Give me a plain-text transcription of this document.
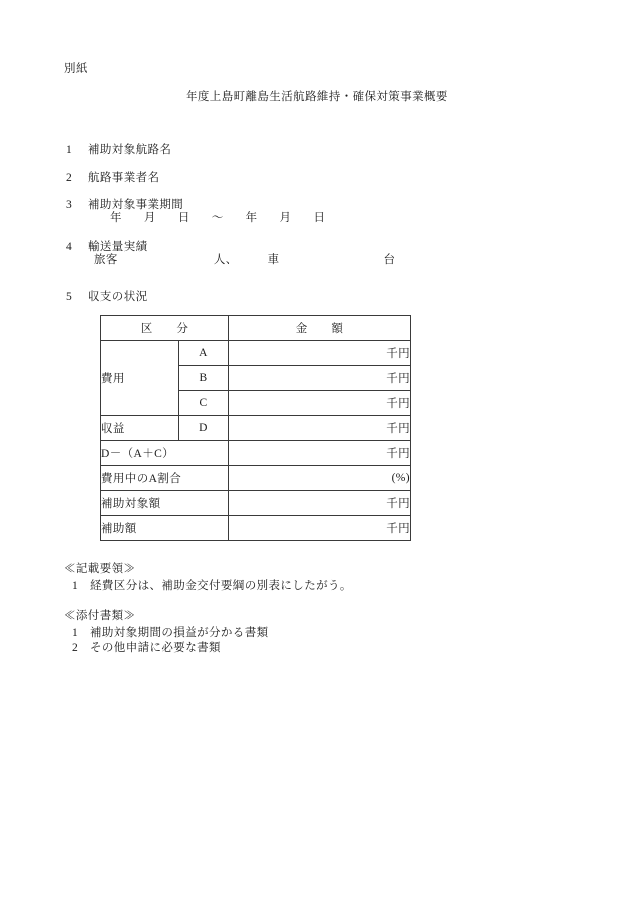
別紙
年度上島町離島生活航路維持・確保対策事業概要
1 補助対象航路名
2 航路事業者名
3 補助対象事業期間
年 月 日 ～ 年 月 日
4 輸送量実績
旅客	人、	車	台
5 収支の状況
区　　分		金　　額
費用	A	千円
	B	千円
	C	千円
収益	D	千円
D－（A＋C）		千円
費用中のA割合		(%)
補助対象額		千円
補助額		千円
≪記載要領≫
1 経費区分は、補助金交付要綱の別表にしたがう。
≪添付書類≫
1 補助対象期間の損益が分かる書類
2 その他申請に必要な書類
